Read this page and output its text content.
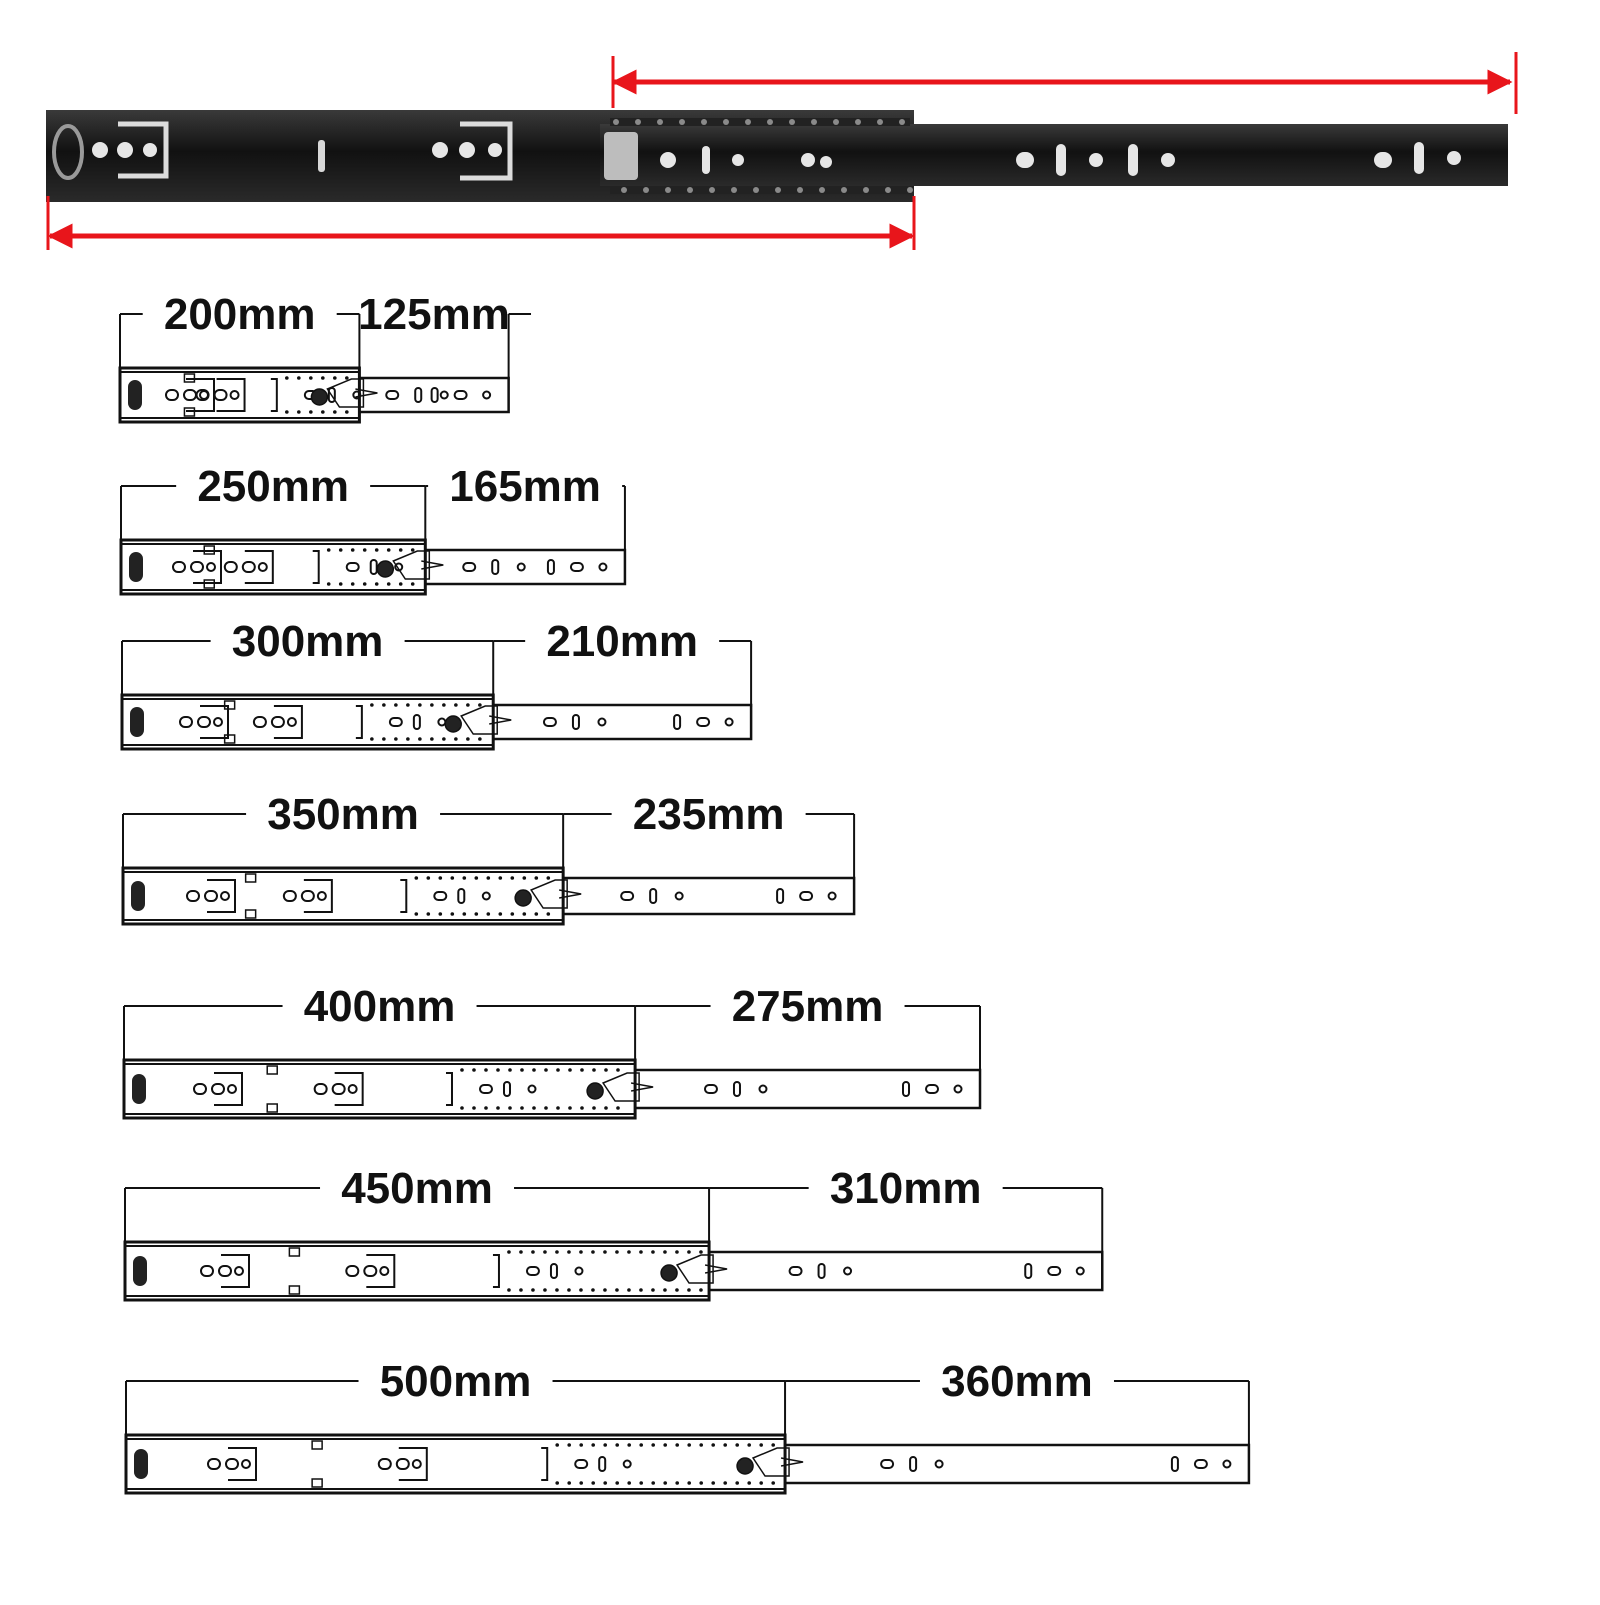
200mm 125mm
250mm 165mm
300mm	210mm
350mm	235mm
400mm	275mm
450mm	310mm
500mm	360mm
